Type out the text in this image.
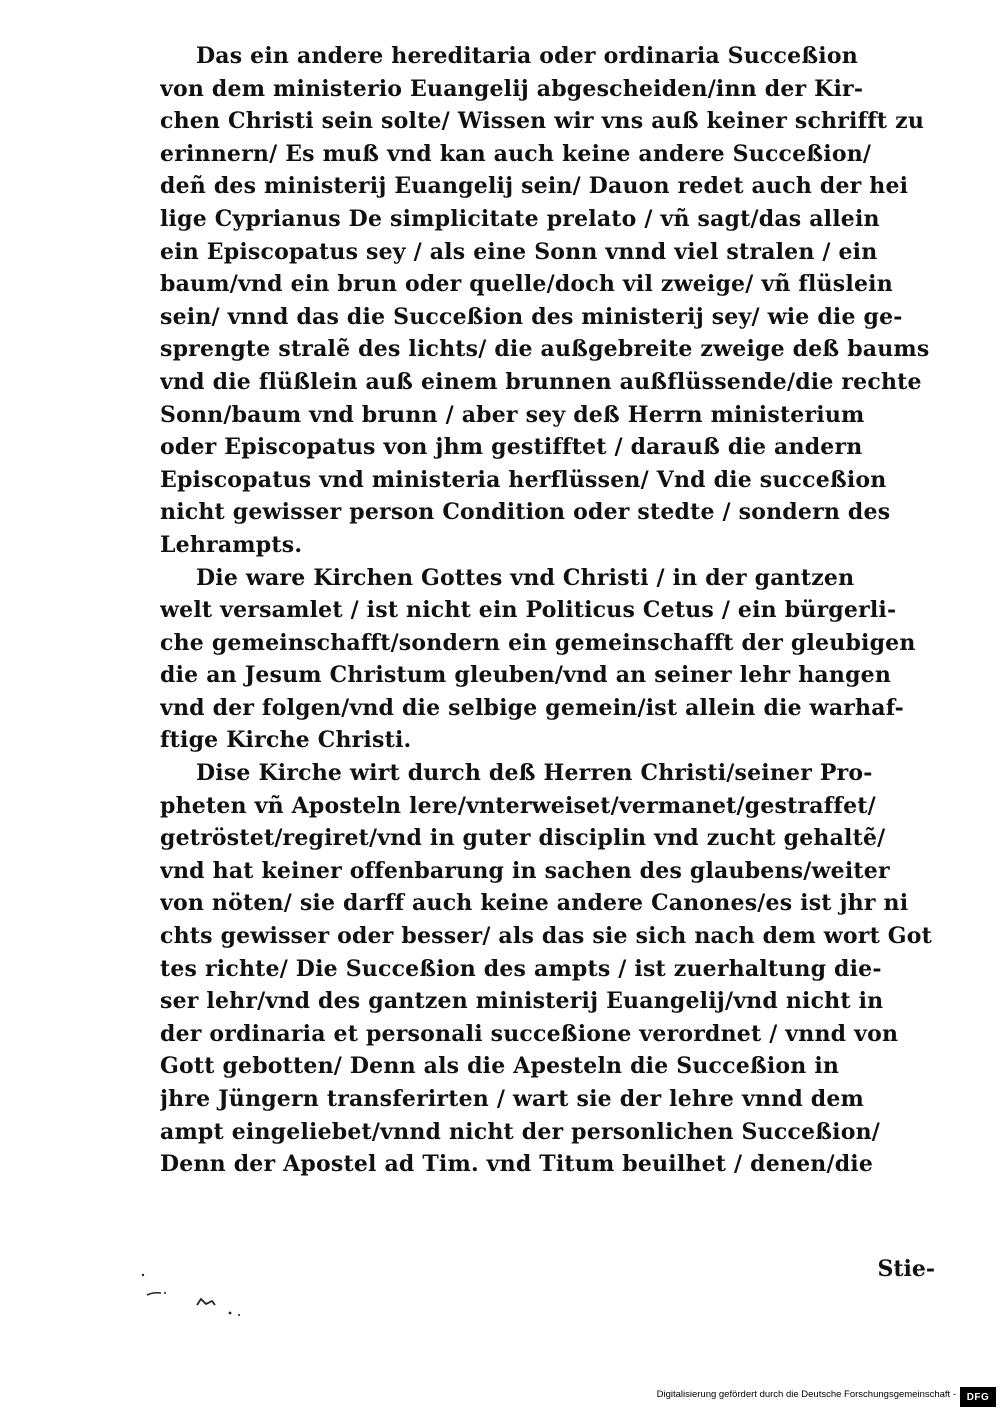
Das ein andere hereditaria oder ordinaria Succeßion
von dem ministerio Euangelij abgescheiden/inn der Kir-
chen Christi sein solte/ Wissen wir vns auß keiner schrifft zu
erinnern/ Es muß vnd kan auch keine andere Succeßion/
deñ des ministerij Euangelij sein/ Dauon redet auch der hei
lige Cyprianus De simplicitate prelato / vñ sagt/das allein
ein Episcopatus sey / als eine Sonn vnnd viel stralen / ein
baum/vnd ein brun oder quelle/doch vil zweige/ vñ flüslein
sein/ vnnd das die Succeßion des ministerij sey/ wie die ge-
sprengte stralẽ des lichts/ die außgebreite zweige deß baums
vnd die flüßlein auß einem brunnen außflüssende/die rechte
Sonn/baum vnd brunn / aber sey deß Herrn ministerium
oder Episcopatus von jhm gestifftet / darauß die andern
Episcopatus vnd ministeria herflüssen/ Vnd die succeßion
nicht gewisser person Condition oder stedte / sondern des
Lehrampts.
Die ware Kirchen Gottes vnd Christi / in der gantzen
welt versamlet / ist nicht ein Politicus Cetus / ein bürgerli-
che gemeinschafft/sondern ein gemeinschafft der gleubigen
die an Jesum Christum gleuben/vnd an seiner lehr hangen
vnd der folgen/vnd die selbige gemein/ist allein die warhaf-
ftige Kirche Christi.
Dise Kirche wirt durch deß Herren Christi/seiner Pro-
pheten vñ Aposteln lere/vnterweiset/vermanet/gestraffet/
getröstet/regiret/vnd in guter disciplin vnd zucht gehaltẽ/
vnd hat keiner offenbarung in sachen des glaubens/weiter
von nöten/ sie darff auch keine andere Canones/es ist jhr ni
chts gewisser oder besser/ als das sie sich nach dem wort Got
tes richte/ Die Succeßion des ampts / ist zuerhaltung die-
ser lehr/vnd des gantzen ministerij Euangelij/vnd nicht in
der ordinaria et personali succeßione verordnet / vnnd von
Gott gebotten/ Denn als die Apesteln die Succeßion in
jhre Jüngern transferirten / wart sie der lehre vnnd dem
ampt eingeliebet/vnnd nicht der personlichen Succeßion/
Denn der Apostel ad Tim. vnd Titum beuilhet / denen/die
Stie-
Digitalisierung gefördert durch die Deutsche Forschungsgemeinschaft -	DFG
